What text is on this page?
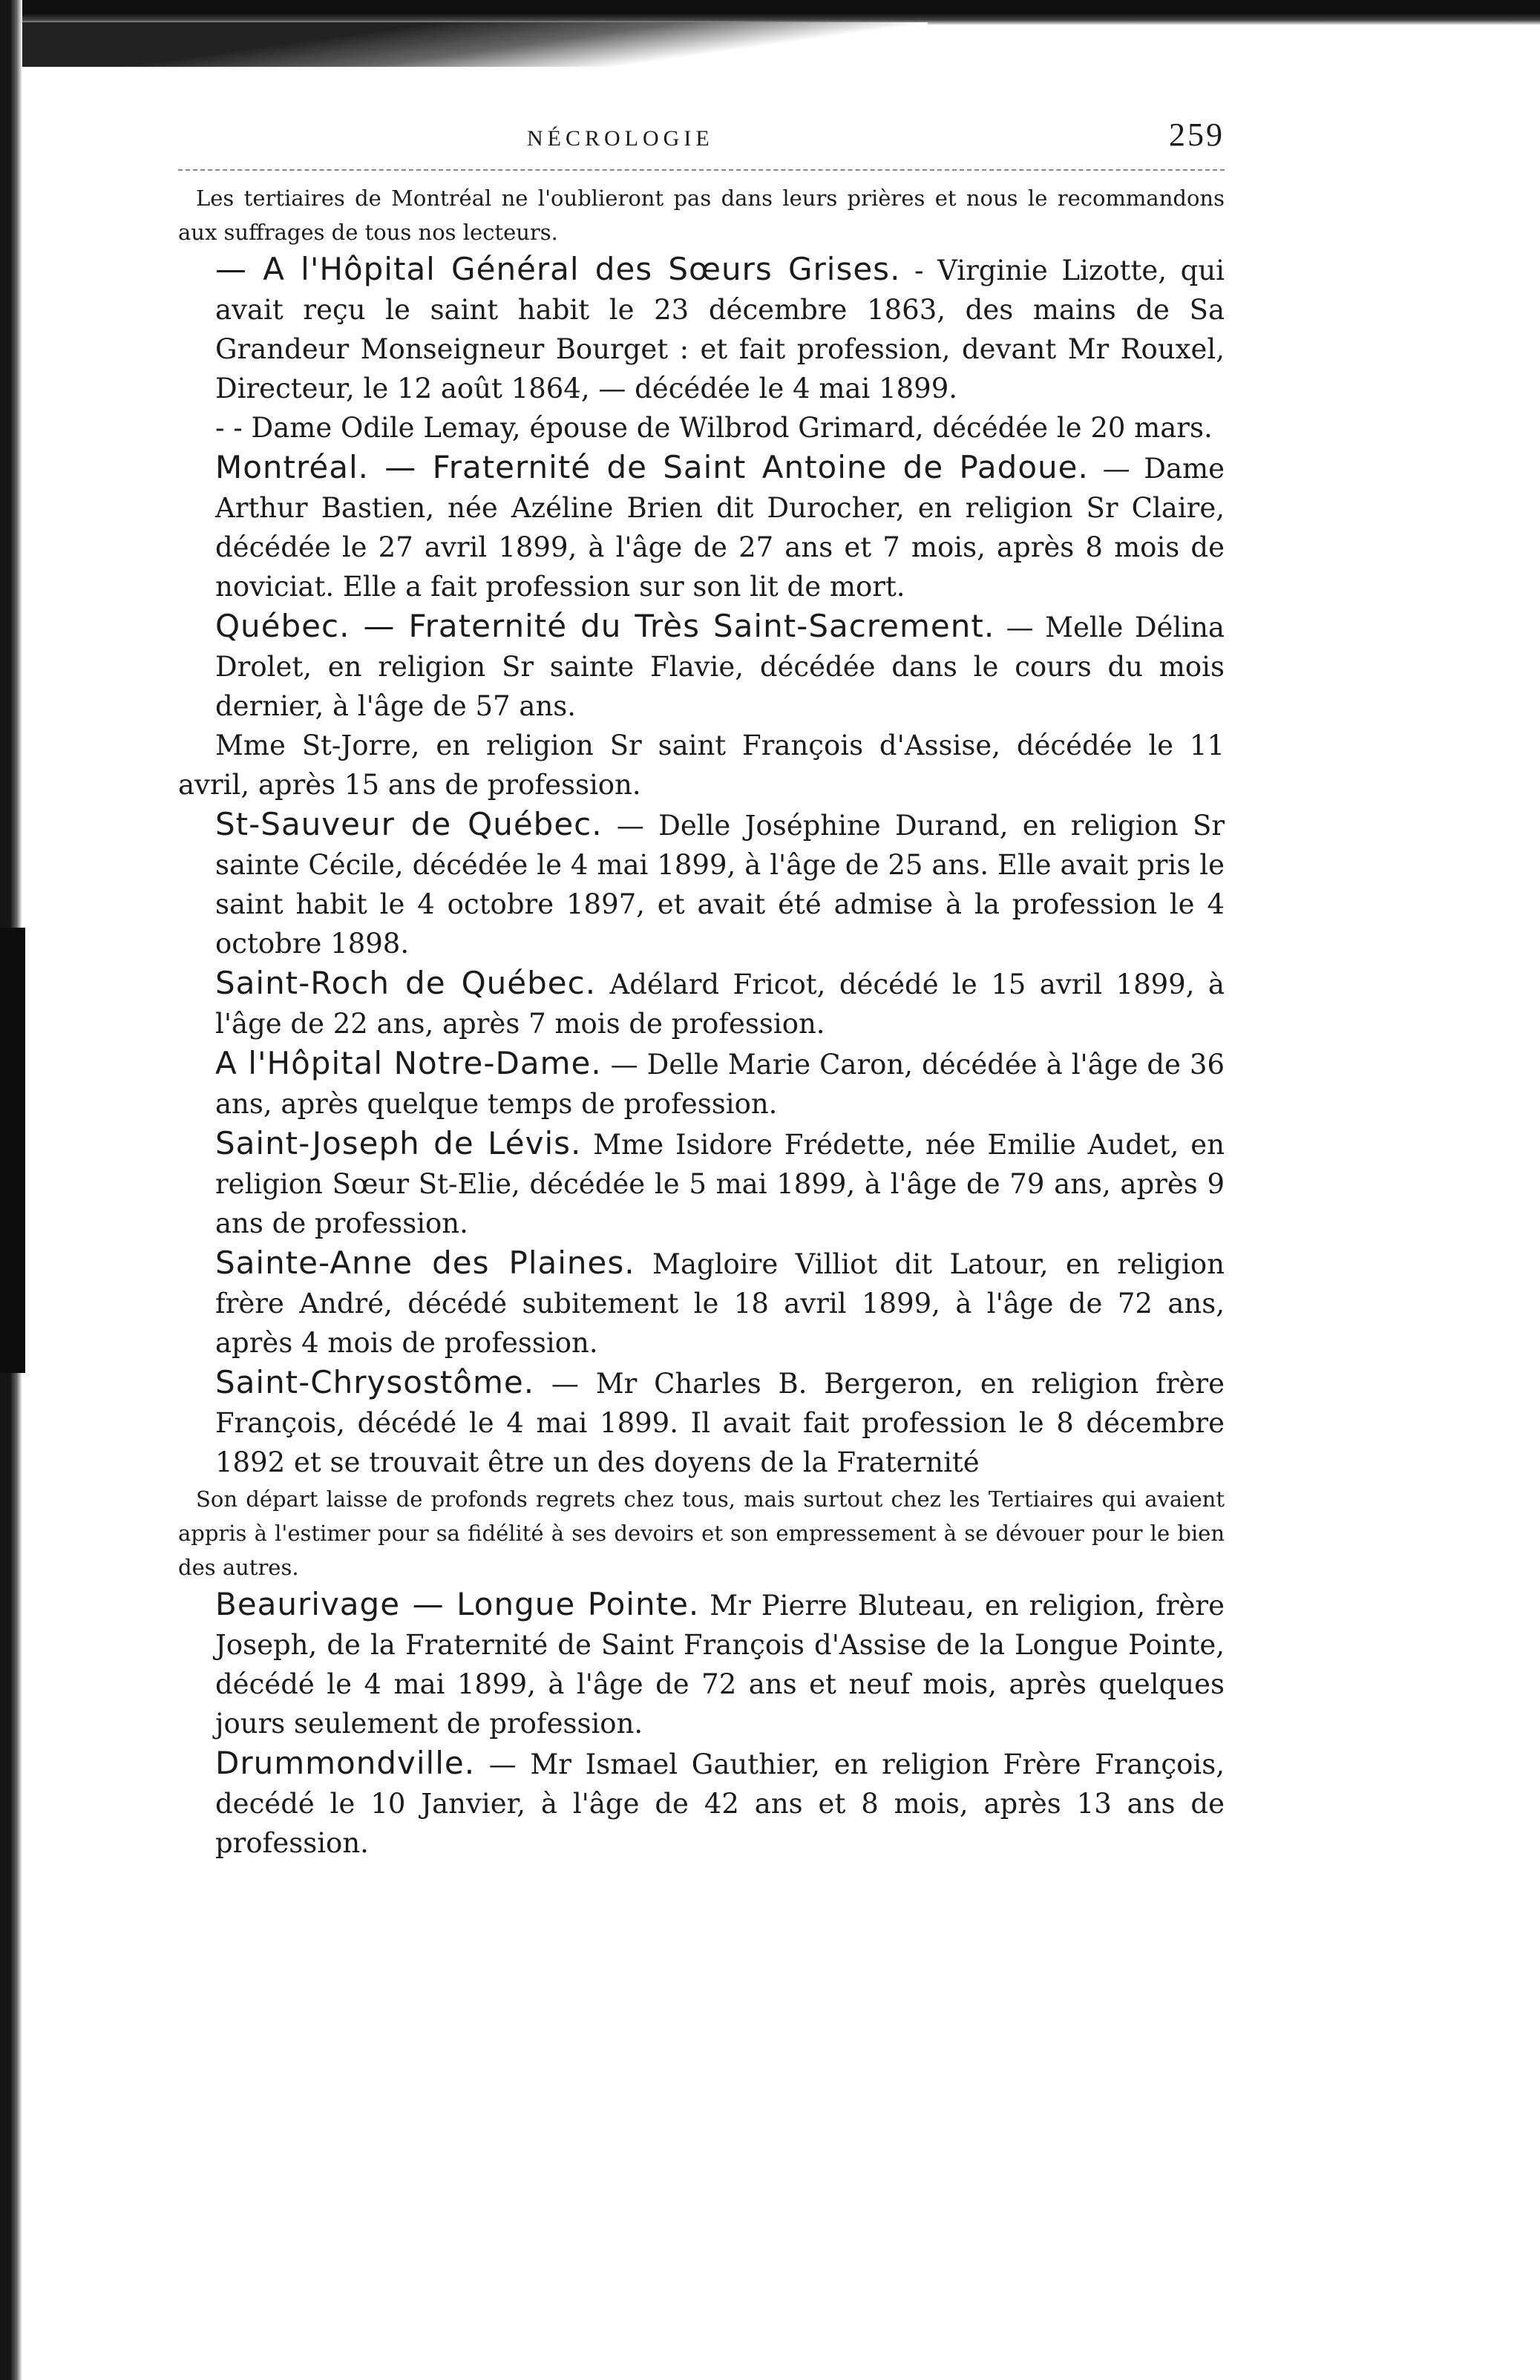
NÉCROLOGIE	259

Les tertiaires de Montréal ne l'oublieront pas dans leurs prières et nous le recommandons aux suffrages de tous nos lecteurs.

— A l'Hôpital Général des Sœurs Grises. - Virginie Lizotte, qui avait reçu le saint habit le 23 décembre 1863, des mains de Sa Grandeur Monseigneur Bourget : et fait profession, devant Mr Rouxel, Directeur, le 12 août 1864, — décédée le 4 mai 1899.

- - Dame Odile Lemay, épouse de Wilbrod Grimard, décédée le 20 mars.

Montréal. — Fraternité de Saint Antoine de Padoue. — Dame Arthur Bastien, née Azéline Brien dit Durocher, en religion Sr Claire, décédée le 27 avril 1899, à l'âge de 27 ans et 7 mois, après 8 mois de noviciat. Elle a fait profession sur son lit de mort.

Québec. — Fraternité du Très Saint-Sacrement. — Melle Délina Drolet, en religion Sr sainte Flavie, décédée dans le cours du mois dernier, à l'âge de 57 ans.

Mme St-Jorre, en religion Sr saint François d'Assise, décédée le 11 avril, après 15 ans de profession.

St-Sauveur de Québec. — Delle Joséphine Durand, en religion Sr sainte Cécile, décédée le 4 mai 1899, à l'âge de 25 ans. Elle avait pris le saint habit le 4 octobre 1897, et avait été admise à la profession le 4 octobre 1898.

Saint-Roch de Québec. Adélard Fricot, décédé le 15 avril 1899, à l'âge de 22 ans, après 7 mois de profession.

A l'Hôpital Notre-Dame. — Delle Marie Caron, décédée à l'âge de 36 ans, après quelque temps de profession.

Saint-Joseph de Lévis. Mme Isidore Frédette, née Emilie Audet, en religion Sœur St-Elie, décédée le 5 mai 1899, à l'âge de 79 ans, après 9 ans de profession.

Sainte-Anne des Plaines. Magloire Villiot dit Latour, en religion frère André, décédé subitement le 18 avril 1899, à l'âge de 72 ans, après 4 mois de profession.

Saint-Chrysostôme. — Mr Charles B. Bergeron, en religion frère François, décédé le 4 mai 1899. Il avait fait profession le 8 décembre 1892 et se trouvait être un des doyens de la Fraternité

Son départ laisse de profonds regrets chez tous, mais surtout chez les Tertiaires qui avaient appris à l'estimer pour sa fidélité à ses devoirs et son empressement à se dévouer pour le bien des autres.

Beaurivage — Longue Pointe. Mr Pierre Bluteau, en religion, frère Joseph, de la Fraternité de Saint François d'Assise de la Longue Pointe, décédé le 4 mai 1899, à l'âge de 72 ans et neuf mois, après quelques jours seulement de profession.

Drummondville. — Mr Ismael Gauthier, en religion Frère François, decédé le 10 Janvier, à l'âge de 42 ans et 8 mois, après 13 ans de profession.
